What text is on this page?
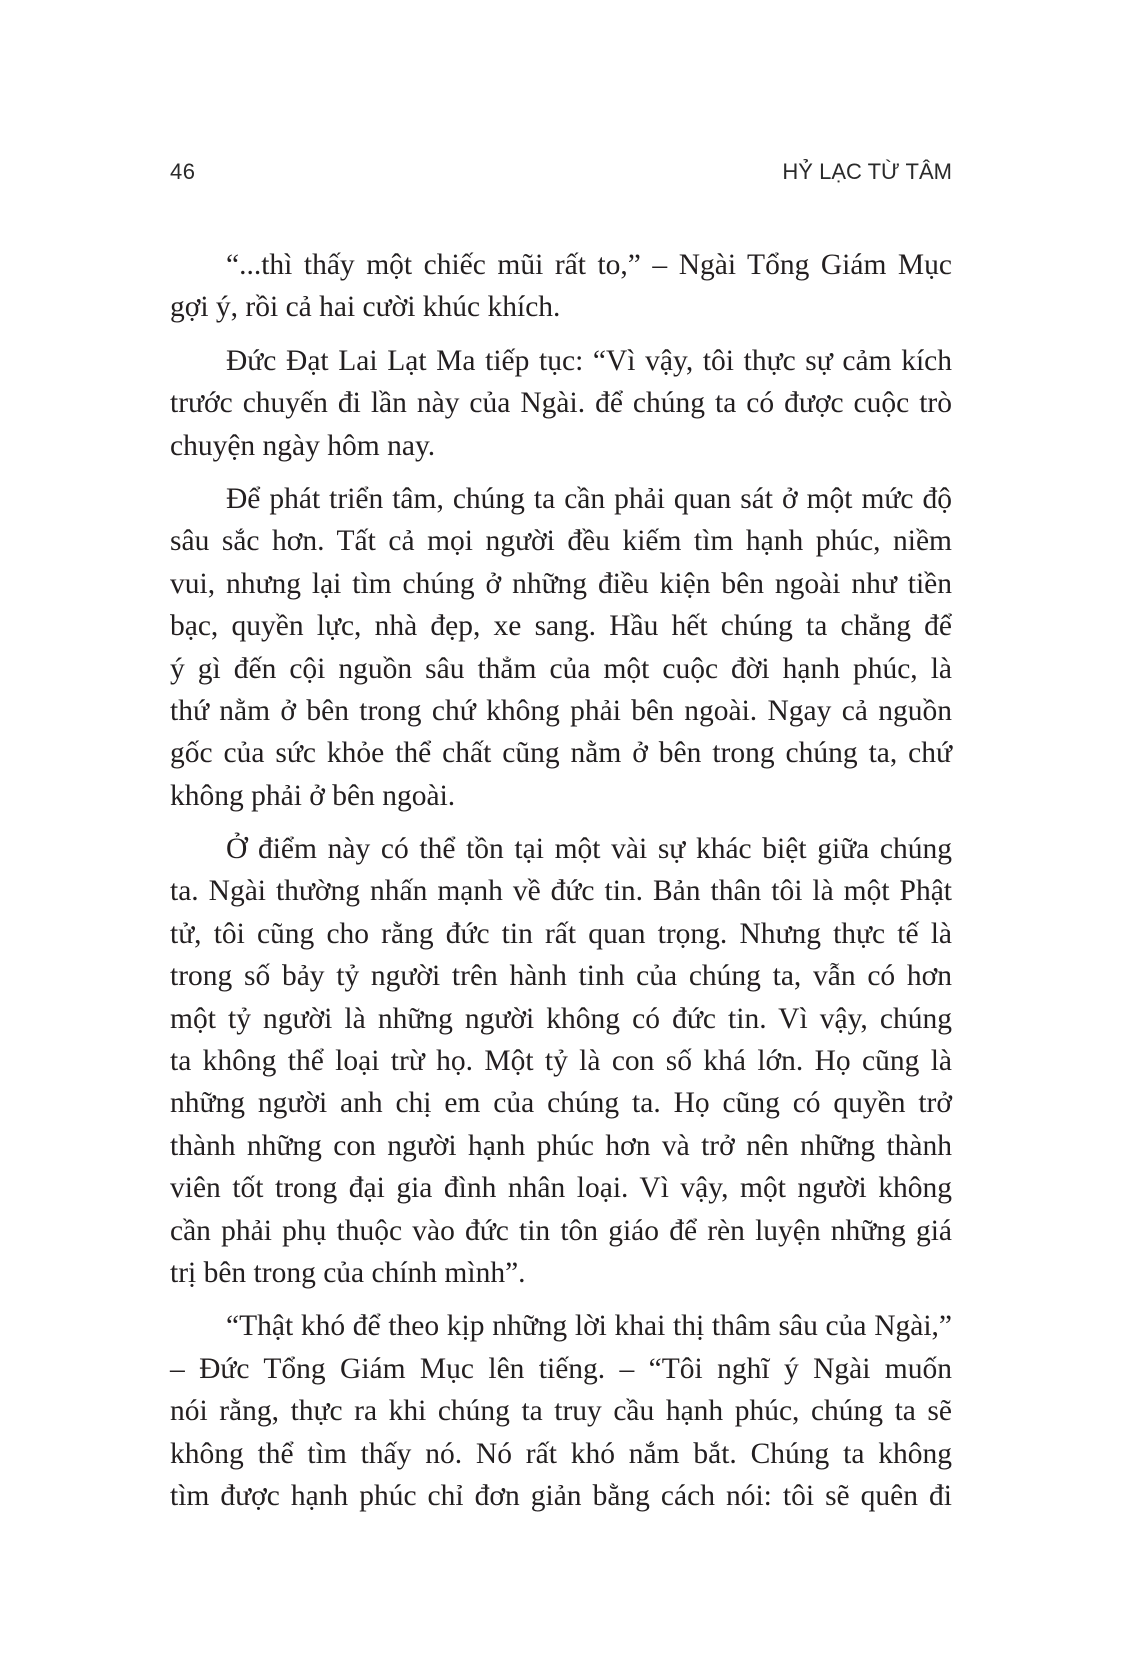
46	HỶ LẠC TỪ TÂM
“...thì thấy một chiếc mũi rất to,” – Ngài Tổng Giám Mục
gợi ý, rồi cả hai cười khúc khích.
Đức Đạt Lai Lạt Ma tiếp tục: “Vì vậy, tôi thực sự cảm kích
trước chuyến đi lần này của Ngài. để chúng ta có được cuộc trò
chuyện ngày hôm nay.
Để phát triển tâm, chúng ta cần phải quan sát ở một mức độ
sâu sắc hơn. Tất cả mọi người đều kiếm tìm hạnh phúc, niềm
vui, nhưng lại tìm chúng ở những điều kiện bên ngoài như tiền
bạc, quyền lực, nhà đẹp, xe sang. Hầu hết chúng ta chẳng để
ý gì đến cội nguồn sâu thẳm của một cuộc đời hạnh phúc, là
thứ nằm ở bên trong chứ không phải bên ngoài. Ngay cả nguồn
gốc của sức khỏe thể chất cũng nằm ở bên trong chúng ta, chứ
không phải ở bên ngoài.
Ở điểm này có thể tồn tại một vài sự khác biệt giữa chúng
ta. Ngài thường nhấn mạnh về đức tin. Bản thân tôi là một Phật
tử, tôi cũng cho rằng đức tin rất quan trọng. Nhưng thực tế là
trong số bảy tỷ người trên hành tinh của chúng ta, vẫn có hơn
một tỷ người là những người không có đức tin. Vì vậy, chúng
ta không thể loại trừ họ. Một tỷ là con số khá lớn. Họ cũng là
những người anh chị em của chúng ta. Họ cũng có quyền trở
thành những con người hạnh phúc hơn và trở nên những thành
viên tốt trong đại gia đình nhân loại. Vì vậy, một người không
cần phải phụ thuộc vào đức tin tôn giáo để rèn luyện những giá
trị bên trong của chính mình”.
“Thật khó để theo kịp những lời khai thị thâm sâu của Ngài,”
– Đức Tổng Giám Mục lên tiếng. – “Tôi nghĩ ý Ngài muốn
nói rằng, thực ra khi chúng ta truy cầu hạnh phúc, chúng ta sẽ
không thể tìm thấy nó. Nó rất khó nắm bắt. Chúng ta không
tìm được hạnh phúc chỉ đơn giản bằng cách nói: tôi sẽ quên đi
